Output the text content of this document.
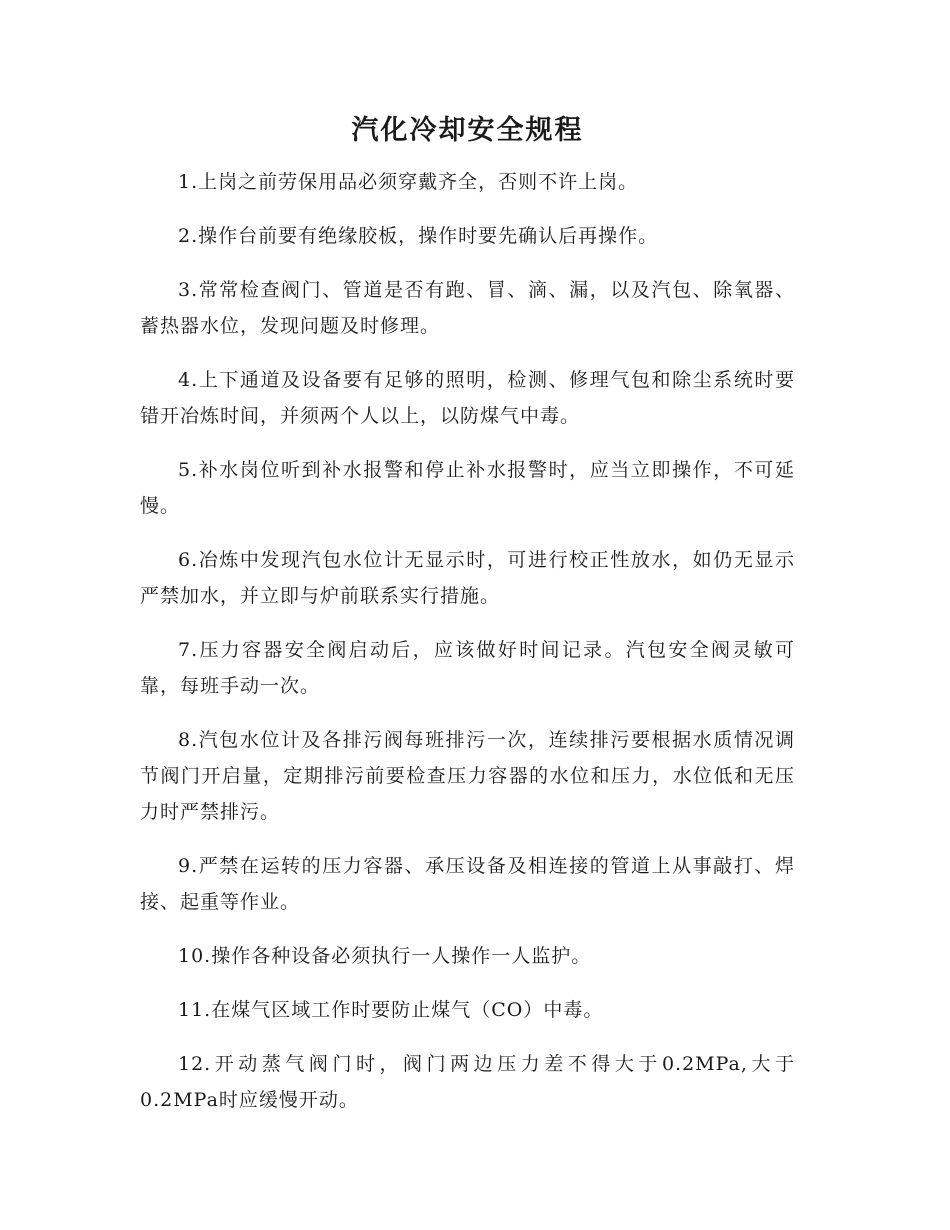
汽化冷却安全规程

1.上岗之前劳保用品必须穿戴齐全，否则不许上岗。

2.操作台前要有绝缘胶板，操作时要先确认后再操作。

3.常常检查阀门、管道是否有跑、冒、滴、漏，以及汽包、除氧器、蓄热器水位，发现问题及时修理。

4.上下通道及设备要有足够的照明，检测、修理气包和除尘系统时要错开冶炼时间，并须两个人以上，以防煤气中毒。

5.补水岗位听到补水报警和停止补水报警时，应当立即操作，不可延慢。

6.冶炼中发现汽包水位计无显示时，可进行校正性放水，如仍无显示严禁加水，并立即与炉前联系实行措施。

7.压力容器安全阀启动后，应该做好时间记录。汽包安全阀灵敏可靠，每班手动一次。

8.汽包水位计及各排污阀每班排污一次，连续排污要根据水质情况调节阀门开启量，定期排污前要检查压力容器的水位和压力，水位低和无压力时严禁排污。

9.严禁在运转的压力容器、承压设备及相连接的管道上从事敲打、焊接、起重等作业。

10.操作各种设备必须执行一人操作一人监护。

11.在煤气区域工作时要防止煤气（CO）中毒。

12.开动蒸气阀门时，阀门两边压力差不得大于0.2MPa,大于0.2MPa时应缓慢开动。
